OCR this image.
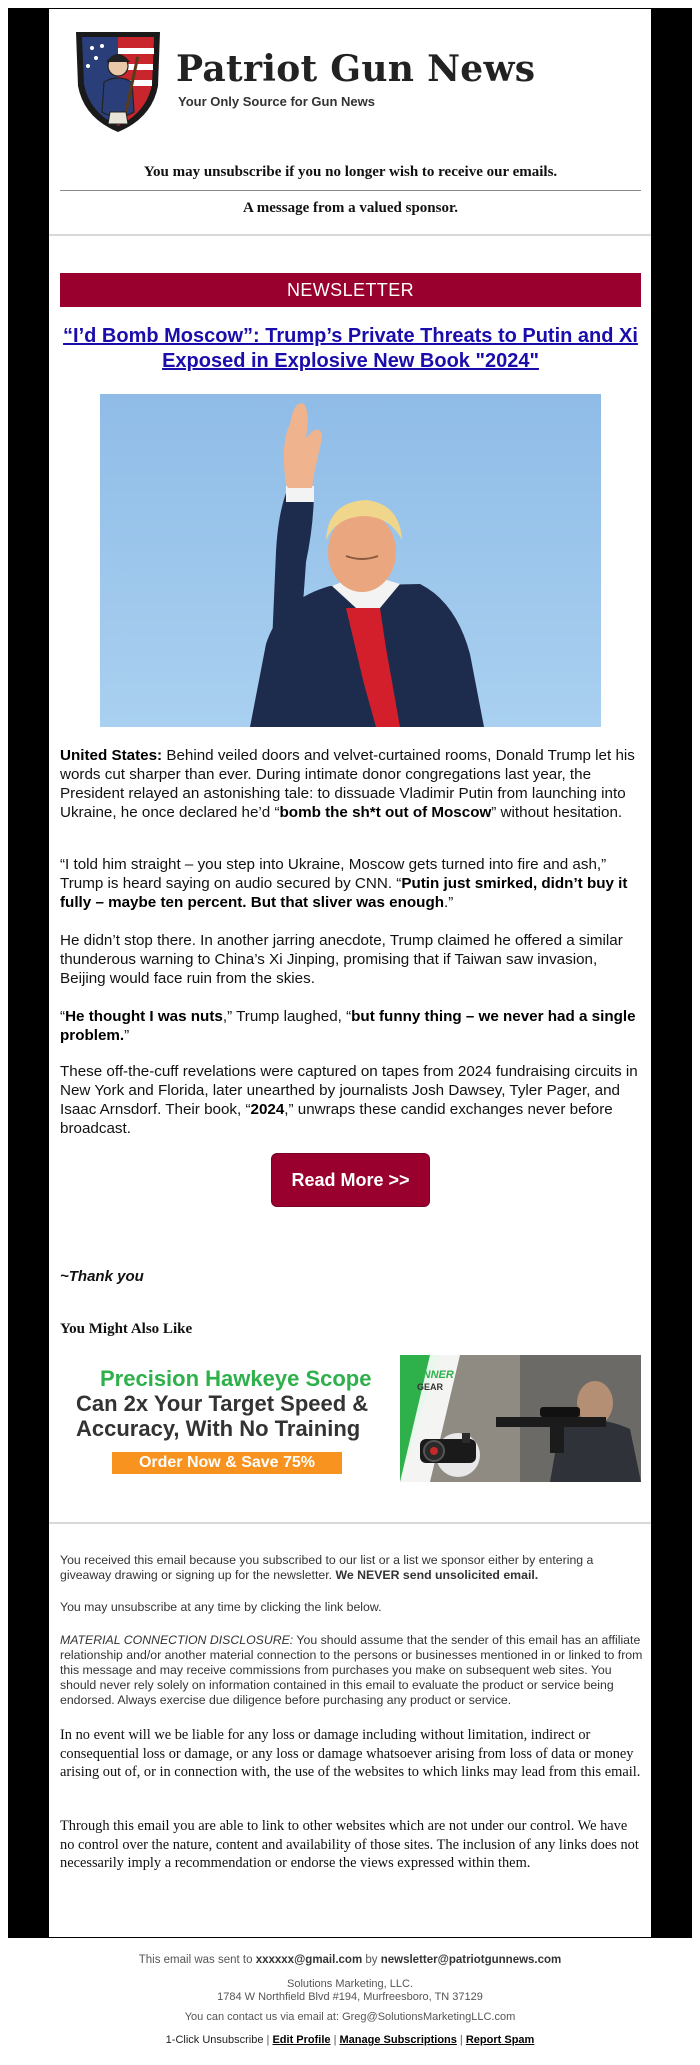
Patriot Gun News
Your Only Source for Gun News
You may unsubscribe if you no longer wish to receive our emails.
A message from a valued sponsor.
NEWSLETTER
“I’d Bomb Moscow”: Trump’s Private Threats to Putin and Xi Exposed in Explosive New Book "2024"
United States: Behind veiled doors and velvet-curtained rooms, Donald Trump let his words cut sharper than ever. During intimate donor congregations last year, the President relayed an astonishing tale: to dissuade Vladimir Putin from launching into Ukraine, he once declared he’d “bomb the sh*t out of Moscow” without hesitation.
“I told him straight – you step into Ukraine, Moscow gets turned into fire and ash,” Trump is heard saying on audio secured by CNN. “Putin just smirked, didn’t buy it fully – maybe ten percent. But that sliver was enough.”
He didn’t stop there. In another jarring anecdote, Trump claimed he offered a similar thunderous warning to China’s Xi Jinping, promising that if Taiwan saw invasion, Beijing would face ruin from the skies.
“He thought I was nuts,” Trump laughed, “but funny thing – we never had a single problem.”
These off-the-cuff revelations were captured on tapes from 2024 fundraising circuits in New York and Florida, later unearthed by journalists Josh Dawsey, Tyler Pager, and Isaac Arnsdorf. Their book, “2024,” unwraps these candid exchanges never before broadcast.
Read More >>
~Thank you
You Might Also Like
GUNNER
GEAR
Precision Hawkeye Scope
Can 2x Your Target Speed &
Accuracy, With No Training
Order Now & Save 75%
You received this email because you subscribed to our list or a list we sponsor either by entering a giveaway drawing or signing up for the newsletter. We NEVER send unsolicited email.
You may unsubscribe at any time by clicking the link below.
MATERIAL CONNECTION DISCLOSURE: You should assume that the sender of this email has an affiliate relationship and/or another material connection to the persons or businesses mentioned in or linked to from this message and may receive commissions from purchases you make on subsequent web sites. You should never rely solely on information contained in this email to evaluate the product or service being endorsed. Always exercise due diligence before purchasing any product or service.
In no event will we be liable for any loss or damage including without limitation, indirect or consequential loss or damage, or any loss or damage whatsoever arising from loss of data or money arising out of, or in connection with, the use of the websites to which links may lead from this email.
Through this email you are able to link to other websites which are not under our control. We have no control over the nature, content and availability of those sites. The inclusion of any links does not necessarily imply a recommendation or endorse the views expressed within them.
This email was sent to xxxxxx@gmail.com by newsletter@patriotgunnews.com
Solutions Marketing, LLC.
1784 W Northfield Blvd #194, Murfreesboro, TN 37129
You can contact us via email at: Greg@SolutionsMarketingLLC.com
1-Click Unsubscribe | Edit Profile | Manage Subscriptions | Report Spam
